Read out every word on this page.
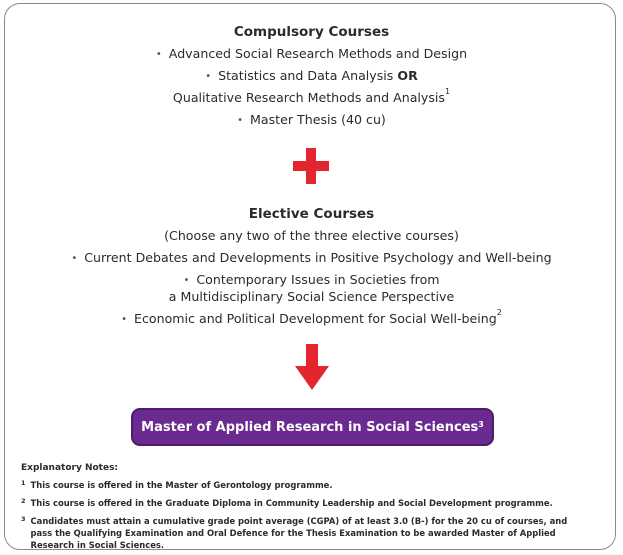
Compulsory Courses
• Advanced Social Research Methods and Design
• Statistics and Data Analysis OR
Qualitative Research Methods and Analysis$^1$
• Master Thesis (40 cu)
Elective Courses
(Choose any two of the three elective courses)
• Current Debates and Developments in Positive Psychology and Well-being
• Contemporary Issues in Societies from
a Multidisciplinary Social Science Perspective
• Economic and Political Development for Social Well-being$^2$
Master of Applied Research in Social Sciences$^3$
Explanatory Notes:
$^1$ This course is offered in the Master of Gerontology programme.
$^2$ This course is offered in the Graduate Diploma in Community Leadership and Social Development programme.
$^3$ Candidates must attain a cumulative grade point average (CGPA) of at least 3.0 (B-) for the 20 cu of courses, and pass the Qualifying Examination and Oral Defence for the Thesis Examination to be awarded Master of Applied Research in Social Sciences.
